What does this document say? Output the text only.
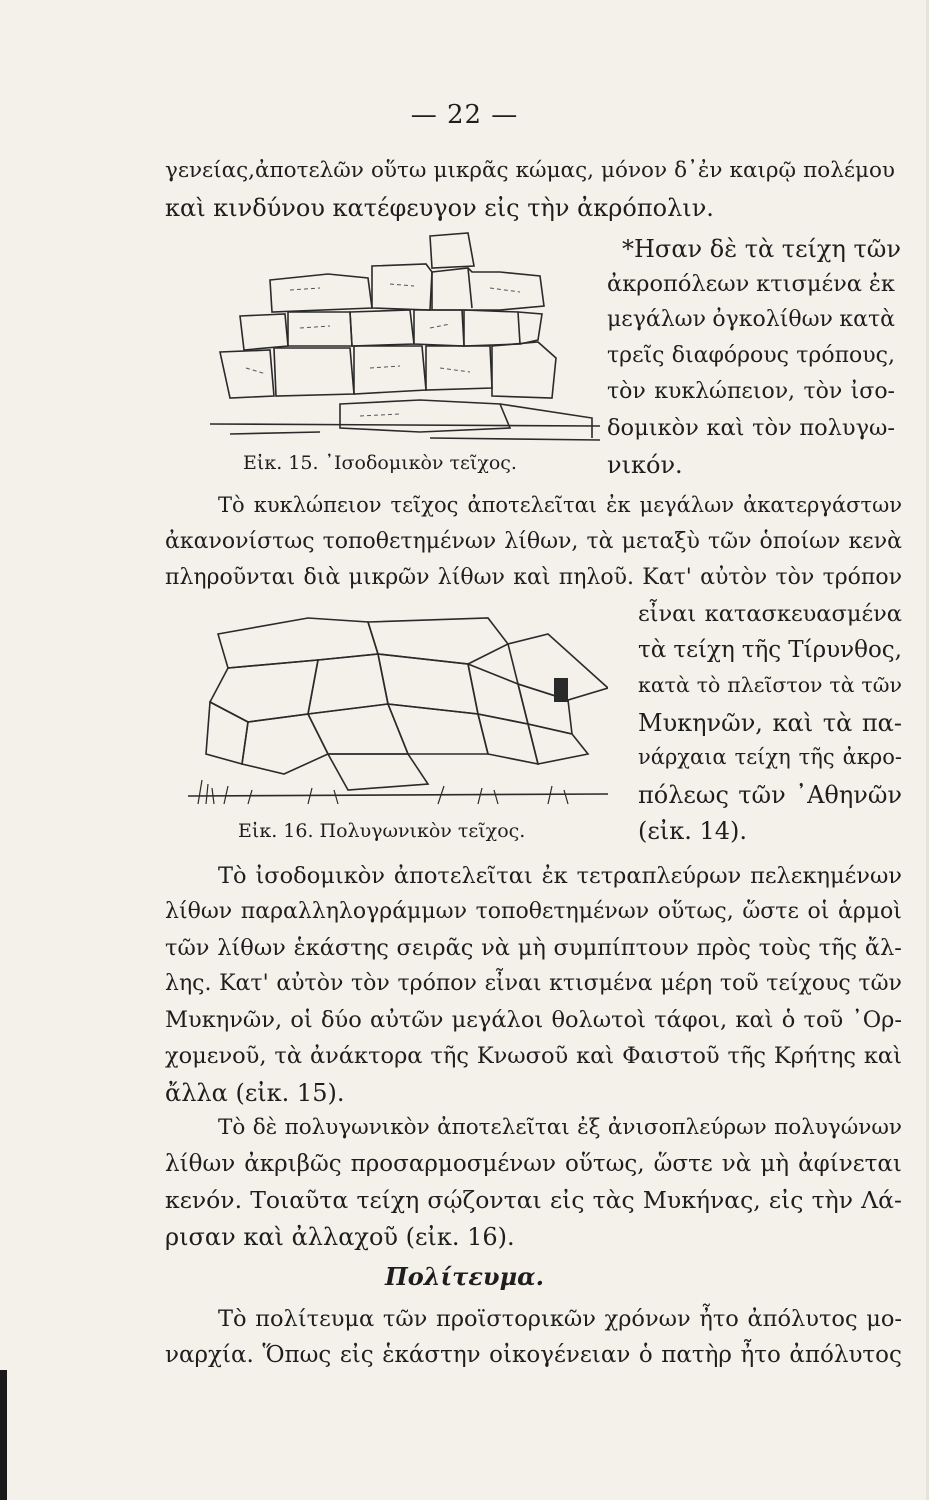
— 22 —
γενείας,ἀποτελῶν οὕτω μικρᾶς κώμας, μόνον δ᾽ἐν καιρῷ πολέμου
καὶ κινδύνου κατέφευγον εἰς τὴν ἀκρόπολιν.
Εἰκ. 15. ᾿Ισοδομικὸν τεῖχος.
*Ησαν δὲ τὰ τείχη τῶν
ἀκροπόλεων κτισμένα ἐκ
μεγάλων ὀγκολίθων κατὰ
τρεῖς διαφόρους τρόπους,
τὸν κυκλώπειον, τὸν ἰσο-
δομικὸν καὶ τὸν πολυγω-
νικόν.
Τὸ κυκλώπειον τεῖχος ἀποτελεῖται ἐκ μεγάλων ἀκατεργάστων
ἀκανονίστως τοποθετημένων λίθων, τὰ μεταξὺ τῶν ὁποίων κενὰ
πληροῦνται διὰ μικρῶν λίθων καὶ πηλοῦ. Κατ' αὐτὸν τὸν τρόπον
Εἰκ. 16. Πολυγωνικὸν τεῖχος.
εἶναι κατασκευασμένα
τὰ τείχη τῆς Τίρυνθος,
κατὰ τὸ πλεῖστον τὰ τῶν
Μυκηνῶν, καὶ τὰ πα-
νάρχαια τείχη τῆς ἀκρο-
πόλεως τῶν ᾿Αθηνῶν
(εἰκ. 14).
Τὸ ἰσοδομικὸν ἀποτελεῖται ἐκ τετραπλεύρων πελεκημένων
λίθων παραλληλογράμμων τοποθετημένων οὕτως, ὥστε οἱ ἁρμοὶ
τῶν λίθων ἑκάστης σειρᾶς νὰ μὴ συμπίπτουν πρὸς τοὺς τῆς ἄλ-
λης. Κατ' αὐτὸν τὸν τρόπον εἶναι κτισμένα μέρη τοῦ τείχους τῶν
Μυκηνῶν, οἱ δύο αὐτῶν μεγάλοι θολωτοὶ τάφοι, καὶ ὁ τοῦ ᾿Ορ-
χομενοῦ, τὰ ἀνάκτορα τῆς Κνωσοῦ καὶ Φαιστοῦ τῆς Κρήτης καὶ
ἄλλα (εἰκ. 15).
Τὸ δὲ πολυγωνικὸν ἀποτελεῖται ἐξ ἀνισοπλεύρων πολυγώνων
λίθων ἀκριβῶς προσαρμοσμένων οὕτως, ὥστε νὰ μὴ ἀφίνεται
κενόν. Τοιαῦτα τείχη σῴζονται εἰς τὰς Μυκήνας, εἰς τὴν Λά-
ρισαν καὶ ἀλλαχοῦ (εἰκ. 16).
Πολίτευμα.
Τὸ πολίτευμα τῶν προϊστορικῶν χρόνων ἦτο ἀπόλυτος μο-
ναρχία. Ὅπως εἰς ἑκάστην οἰκογένειαν ὁ πατὴρ ἦτο ἀπόλυτος
